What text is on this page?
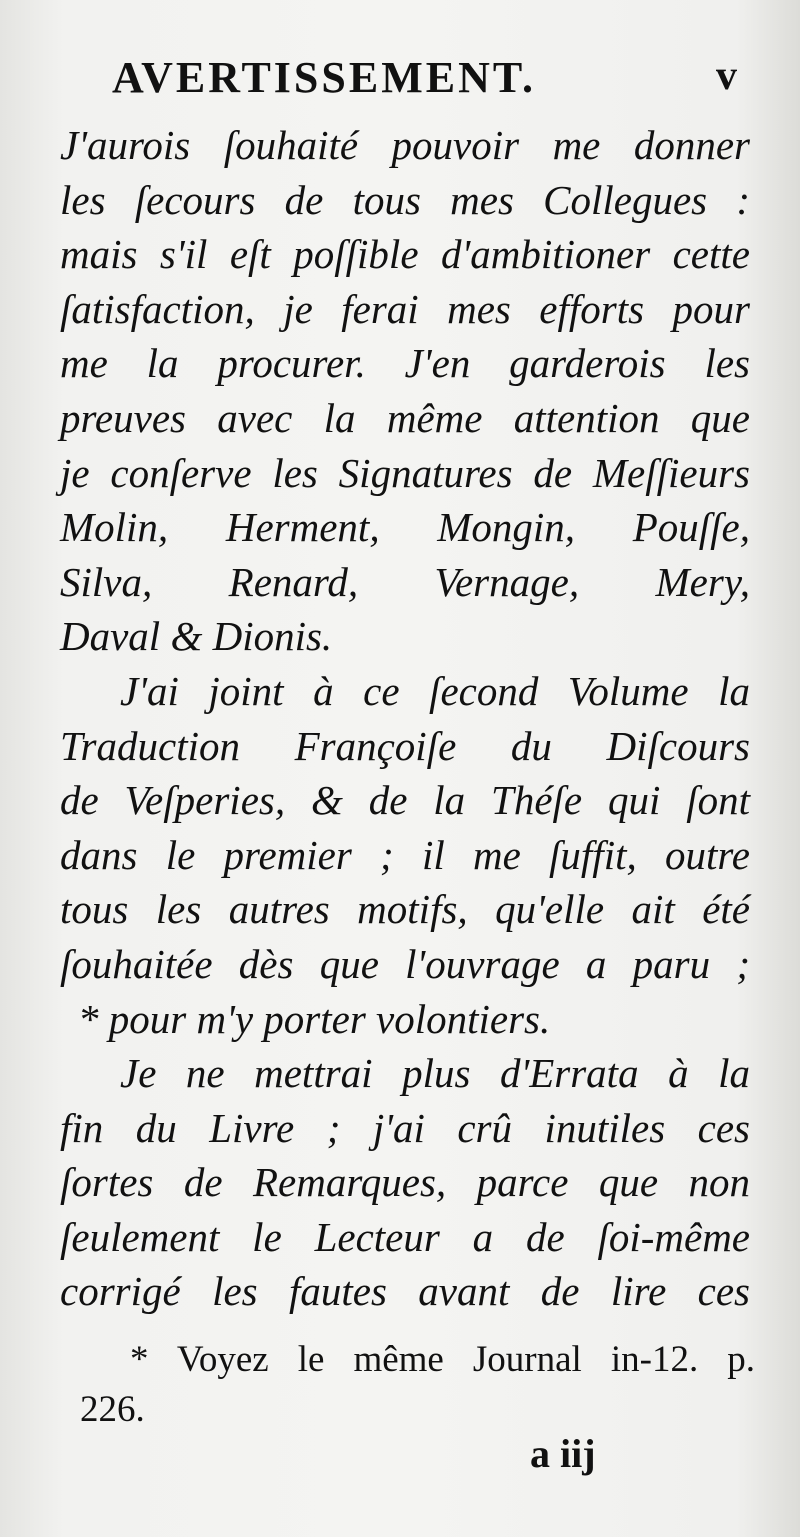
AVERTISSEMENT.	v
J'aurois ſouhaité pouvoir me donner
les ſecours de tous mes Collegues :
mais s'il eſt poſſible d'ambitioner cette
ſatisfaction, je ferai mes efforts pour
me la procurer. J'en garderois les
preuves avec la même attention que
je conſerve les Signatures de Meſſieurs
Molin, Herment, Mongin, Pouſſe,
Silva, Renard, Vernage, Mery,
Daval & Dionis.
J'ai joint à ce ſecond Volume la
Traduction Françoiſe du Diſcours
de Veſperies, & de la Théſe qui ſont
dans le premier ; il me ſuffit, outre
tous les autres motifs, qu'elle ait été
ſouhaitée dès que l'ouvrage a paru ;
* pour m'y porter volontiers.
Je ne mettrai plus d'Errata à la
fin du Livre ; j'ai crû inutiles ces
ſortes de Remarques, parce que non
ſeulement le Lecteur a de ſoi-même
corrigé les fautes avant de lire ces
* Voyez le même Journal in-12. p.
226.
a iij
